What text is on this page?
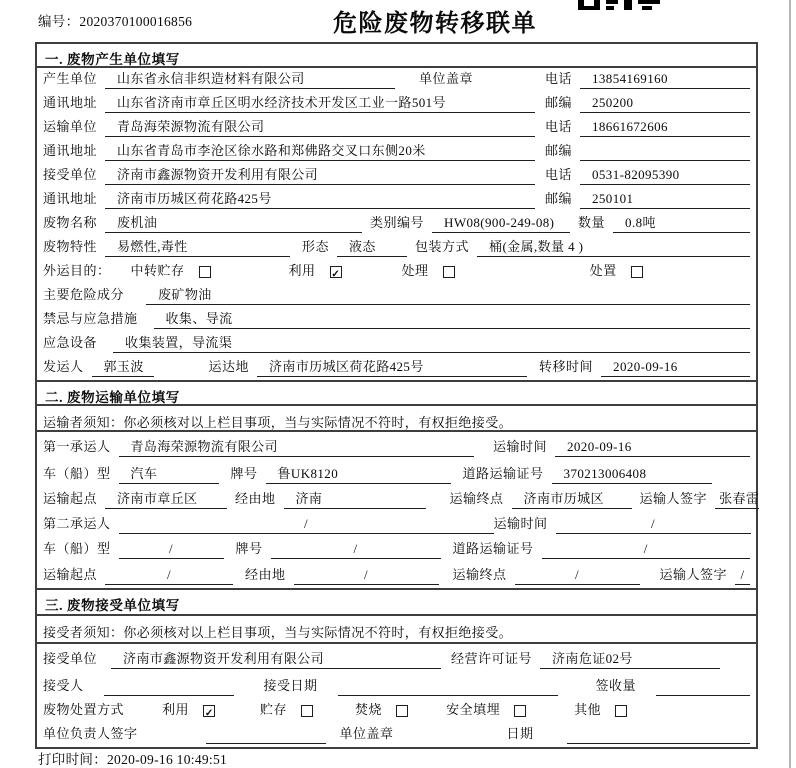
编号：2020370100016856	危险废物转移联单
一. 废物产生单位填写
产生单位	山东省永信非织造材料有限公司	单位盖章	电话	13854169160
通讯地址	山东省济南市章丘区明水经济技术开发区工业一路501号	邮编	250200
运输单位	青岛海荣源物流有限公司	电话	18661672606
通讯地址	山东省青岛市李沧区徐水路和郑佛路交叉口东侧20米	邮编
接受单位	济南市鑫源物资开发利用有限公司	电话	0531-82095390
通讯地址	济南市历城区荷花路425号	邮编	250101
废物名称	废机油	类别编号	HW08(900-249-08)	数量	0.8吨
废物特性	易燃性,毒性	形态	液态	包装方式	桶(金属,数量 4 )
外运目的： 中转贮存	利用 ✓	处理	处置
主要危险成分	废矿物油
禁忌与应急措施	收集、导流
应急设备	收集装置，导流渠
发运人	郭玉波	运达地	济南市历城区荷花路425号	转移时间	2020-09-16
二. 废物运输单位填写
运输者须知：你必须核对以上栏目事项，当与实际情况不符时，有权拒绝接受。
第一承运人	青岛海荣源物流有限公司	运输时间	2020-09-16
车（船）型	汽车	牌号	鲁UK8120	道路运输证号	370213006408
运输起点	济南市章丘区	经由地	济南	运输终点	济南市历城区	运输人签字 张春雷
第二承运人	/	运输时间	/
车（船）型	/	牌号	/	道路运输证号	/
运输起点	/	经由地	/	运输终点	/	运输人签字	/
三. 废物接受单位填写
接受者须知：你必须核对以上栏目事项，当与实际情况不符时，有权拒绝接受。
接受单位	济南市鑫源物资开发利用有限公司	经营许可证号	济南危证02号
接受人	接受日期	签收量
废物处置方式	利用 ✓	贮存	焚烧	安全填埋	其他
单位负责人签字	单位盖章	日期
打印时间：2020-09-16 10:49:51
